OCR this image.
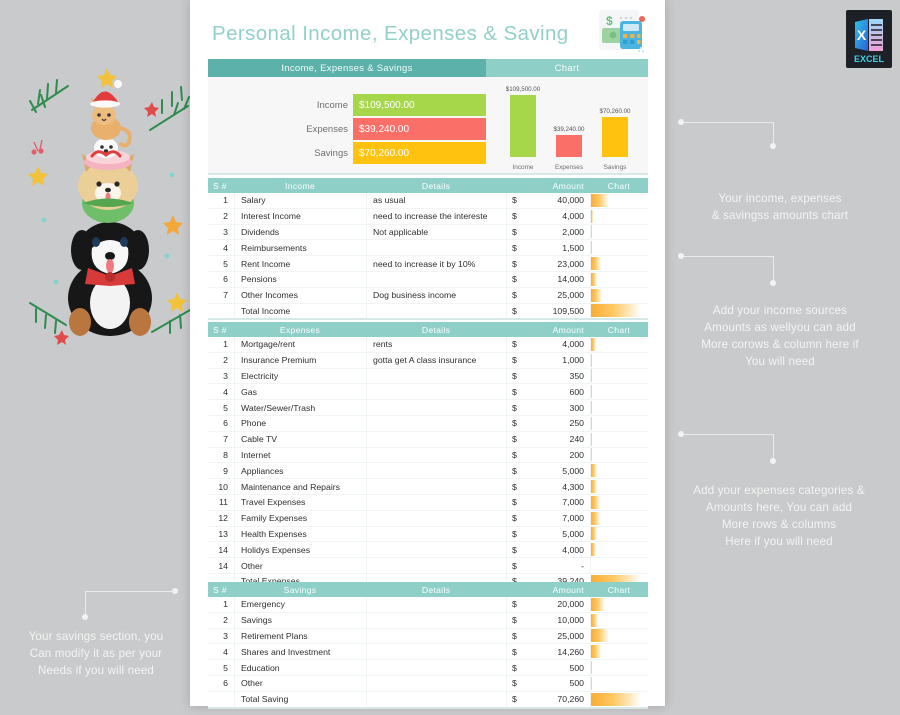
X
EXCEL
Personal Income, Expenses & Saving
$
Income, Expenses & Savings	Chart
Income	$109,500.00
Expenses	$39,240.00
Savings	$70,260.00
$109,500.00
Income
$39,240.00
Expenses
$70,260.00
Savings
S #	Income	Details	Amount	Chart
1	Salary	as usual	$	40,000
2	Interest Income	need to increase the intereste	$	4,000
3	Dividends	Not applicable	$	2,000
4	Reimbursements	$	1,500
5	Rent Income	need to increase it by 10%	$	23,000
6	Pensions	$	14,000
7	Other Incomes	Dog business income	$	25,000
Total Income	$	109,500
S #	Expenses	Details	Amount	Chart
1	Mortgage/rent	rents	$	4,000
2	Insurance Premium	gotta get A class insurance	$	1,000
3	Electricity	$	350
4	Gas	$	600
5	Water/Sewer/Trash	$	300
6	Phone	$	250
7	Cable TV	$	240
8	Internet	$	200
9	Appliances	$	5,000
10	Maintenance and Repairs	$	4,300
11	Travel Expenses	$	7,000
12	Family Expenses	$	7,000
13	Health Expenses	$	5,000
14	Holidys Expenses	$	4,000
14	Other	$	-
S #	Savings	Details	Amount	Chart
1	Emergency	$	20,000
2	Savings	$	10,000
3	Retirement Plans	$	25,000
4	Shares and Investment	$	14,260
5	Education	$	500
6	Other	$	500
Total Saving	$	70,260
Your income, expenses
& savingss amounts chart
Add your income sources
Amounts as wellyou can add
More corows & column here if
You will need
Add your expenses categories &
Amounts here, You can add
More rows & columns
Here if you will need
Your savings section, you
Can modify it as per your
Needs if you will need
